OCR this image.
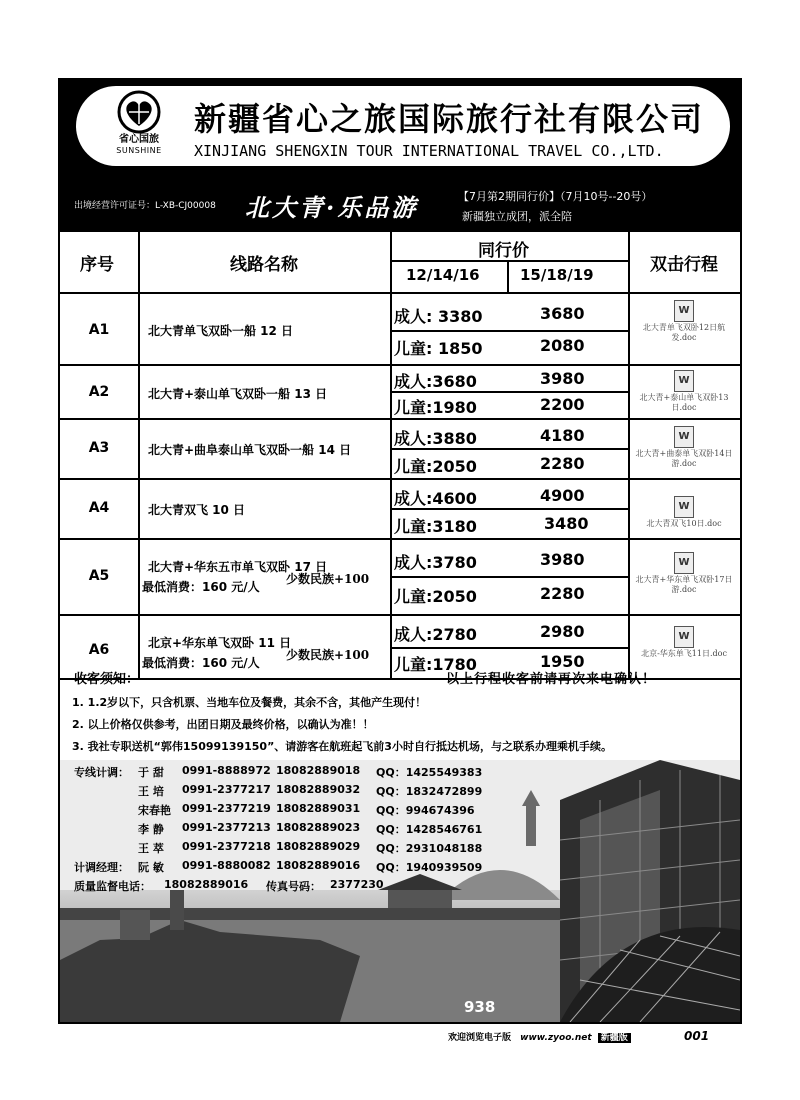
省心国旅
SUNSHINE
新疆省心之旅国际旅行社有限公司
XINJIANG SHENGXIN TOUR INTERNATIONAL TRAVEL CO.,LTD.
出境经营许可证号：L-XB-CJ00008 北大青·乐品游	【7月第2期同行价】（7月10号--20号）
新疆独立成团，派全陪
序号	线路名称
同行价
12/14/16	15/18/19	双击行程
A1	北大青单飞双卧一船 12 日
成人: 3380	3680
儿童: 1850	2080
W
北大青单飞双卧12日航发.doc
A2	北大青+泰山单飞双卧一船 13 日
成人:3680	3980
儿童:1980	2200
W
北大青+泰山单飞双卧13日.doc
A3	北大青+曲阜泰山单飞双卧一船 14 日
成人:3880	4180
儿童:2050	2280
W
北大青+曲泰单飞双卧14日游.doc
A4	北大青双飞 10 日
成人:4600	4900
儿童:3180	3480
W
北大青双飞10日.doc
A5
北大青+华东五市单飞双卧 17 日
最低消费：160 元/人
少数民族+100
成人:3780	3980
儿童:2050	2280
W
北大青+华东单飞双卧17日游.doc
A6	北京+华东单飞双卧 11 日
最低消费：160 元/人
少数民族+100
成人:2780	2980
儿童:1780	1950
W
北京-华东单飞11日.doc
收客须知：	以上行程收客前请再次来电确认！
1. 1.2岁以下，只含机票、当地车位及餐费，其余不含，其他产生现付！
2. 以上价格仅供参考，出团日期及最终价格，以确认为准！！
3. 我社专职送机“郭伟15099139150”、请游客在航班起飞前3小时自行抵达机场，与之联系办理乘机手续。
938
专线计调： 于 甜 0991-8888972 18082889018 QQ：1425549383
王 培 0991-2377217 18082889032 QQ：1832472899
宋春艳 0991-2377219 18082889031 QQ：994674396
李 静 0991-2377213 18082889023 QQ：1428546761
王 萃 0991-2377218 18082889029 QQ：2931048188
计调经理： 阮 敏 0991-8880082 18082889016 QQ：1940939509
质量监督电话： 18082889016 传真号码： 2377230
欢迎浏览电子版 www.zyoo.net 新疆版	001
